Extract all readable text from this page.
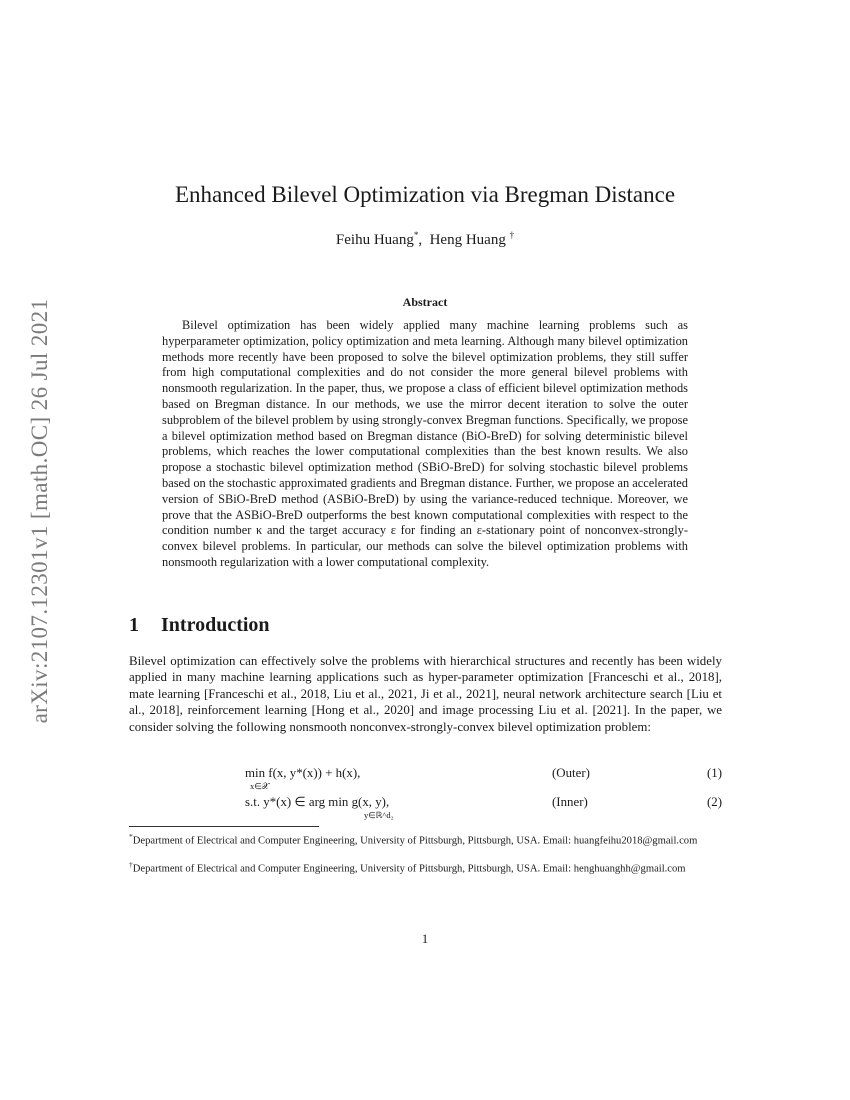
arXiv:2107.12301v1 [math.OC] 26 Jul 2021
Enhanced Bilevel Optimization via Bregman Distance
Feihu Huang*,  Heng Huang †
Abstract

Bilevel optimization has been widely applied many machine learning problems such as hyperparameter optimization, policy optimization and meta learning. Although many bilevel optimization methods more recently have been proposed to solve the bilevel optimization problems, they still suffer from high computational complexities and do not consider the more general bilevel problems with nonsmooth regularization. In the paper, thus, we propose a class of efficient bilevel optimization methods based on Bregman distance. In our methods, we use the mirror decent iteration to solve the outer subproblem of the bilevel problem by using strongly-convex Bregman functions. Specifically, we propose a bilevel optimization method based on Bregman distance (BiO-BreD) for solving deterministic bilevel problems, which reaches the lower computational complexities than the best known results. We also propose a stochastic bilevel optimization method (SBiO-BreD) for solving stochastic bilevel problems based on the stochastic approximated gradients and Bregman distance. Further, we propose an accelerated version of SBiO-BreD method (ASBiO-BreD) by using the variance-reduced technique. Moreover, we prove that the ASBiO-BreD outperforms the best known computational complexities with respect to the condition number κ and the target accuracy ε for finding an ε-stationary point of nonconvex-strongly-convex bilevel problems. In particular, our methods can solve the bilevel optimization problems with nonsmooth regularization with a lower computational complexity.

1 Introduction

Bilevel optimization can effectively solve the problems with hierarchical structures and recently has been widely applied in many machine learning applications such as hyper-parameter optimization [Franceschi et al., 2018], mate learning [Franceschi et al., 2018, Liu et al., 2021, Ji et al., 2021], neural network architecture search [Liu et al., 2018], reinforcement learning [Hong et al., 2020] and image processing Liu et al. [2021]. In the paper, we consider solving the following nonsmooth nonconvex-strongly-convex bilevel optimization problem:

min f(x, y*(x)) + h(x),
x∈𝒳
(Outer)	(1)
s.t. y*(x) ∈ arg min g(x, y),
y∈ℝ^d₂
(Inner)	(2)

*Department of Electrical and Computer Engineering, University of Pittsburgh, Pittsburgh, USA. Email: huangfeihu2018@gmail.com

†Department of Electrical and Computer Engineering, University of Pittsburgh, Pittsburgh, USA. Email: henghuanghh@gmail.com

1
